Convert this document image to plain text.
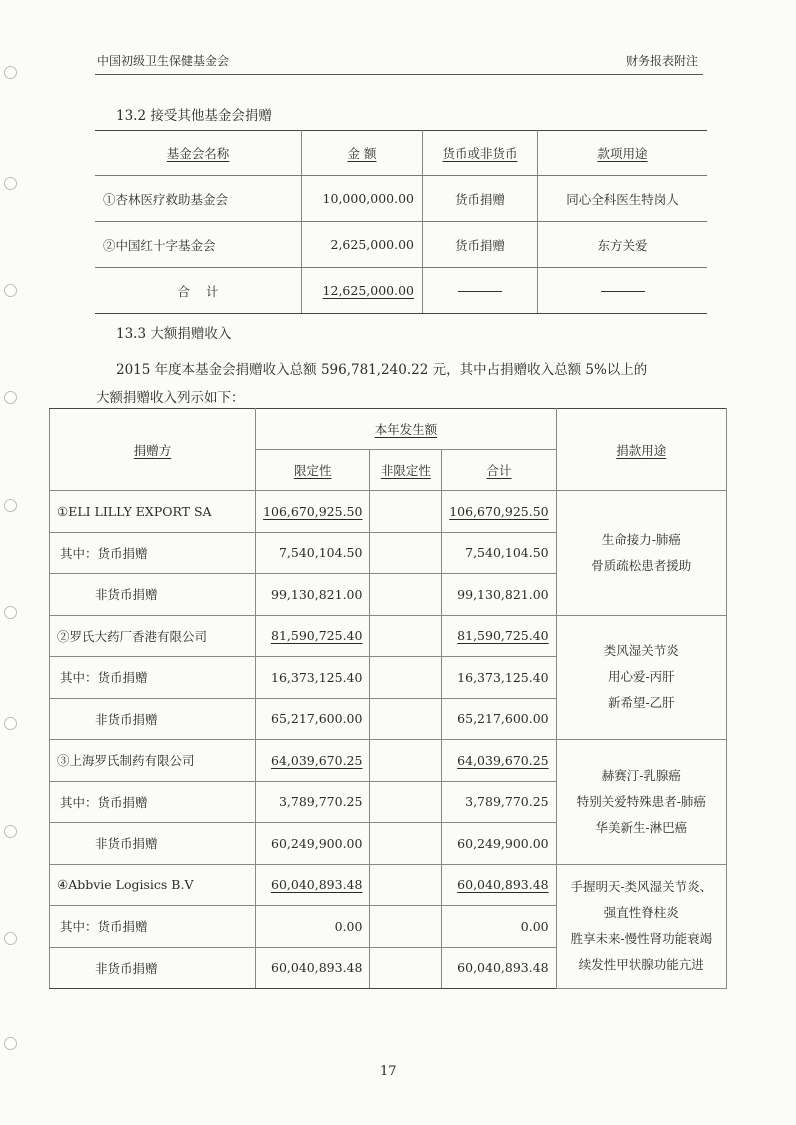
中国初级卫生保健基金会	财务报表附注
13.2 接受其他基金会捐赠
基金会名称	金 额	货币或非货币	款项用途
①杏林医疗救助基金会	10,000,000.00	货币捐赠	同心全科医生特岗人
②中国红十字基金会	2,625,000.00	货币捐赠	东方关爱
合    计	12,625,000.00		
13.3 大额捐赠收入
2015 年度本基金会捐赠收入总额 596,781,240.22 元，其中占捐赠收入总额 5%以上的
大额捐赠收入列示如下：
捐赠方	本年发生额			捐款用途
	限定性	非限定性	合计	
①ELI LILLY EXPORT SA	106,670,925.50		106,670,925.50	生命接力-肺癌
骨质疏松患者援助

其中：货币捐赠	7,540,104.50		7,540,104.50	
非货币捐赠	99,130,821.00		99,130,821.00	
②罗氏大药厂香港有限公司	81,590,725.40		81,590,725.40	类风湿关节炎
用心爱-丙肝
新希望-乙肝

其中：货币捐赠	16,373,125.40		16,373,125.40	
非货币捐赠	65,217,600.00		65,217,600.00	
③上海罗氏制药有限公司	64,039,670.25		64,039,670.25	赫赛汀-乳腺癌
特别关爱特殊患者-肺癌
华美新生-淋巴癌

其中：货币捐赠	3,789,770.25		3,789,770.25	
非货币捐赠	60,249,900.00		60,249,900.00	
④Abbvie Logisics B.V	60,040,893.48		60,040,893.48	手握明天-类风湿关节炎、
强直性脊柱炎
胜享未来-慢性肾功能衰竭
续发性甲状腺功能亢进

其中：货币捐赠	0.00		0.00	
非货币捐赠	60,040,893.48		60,040,893.48	
17
